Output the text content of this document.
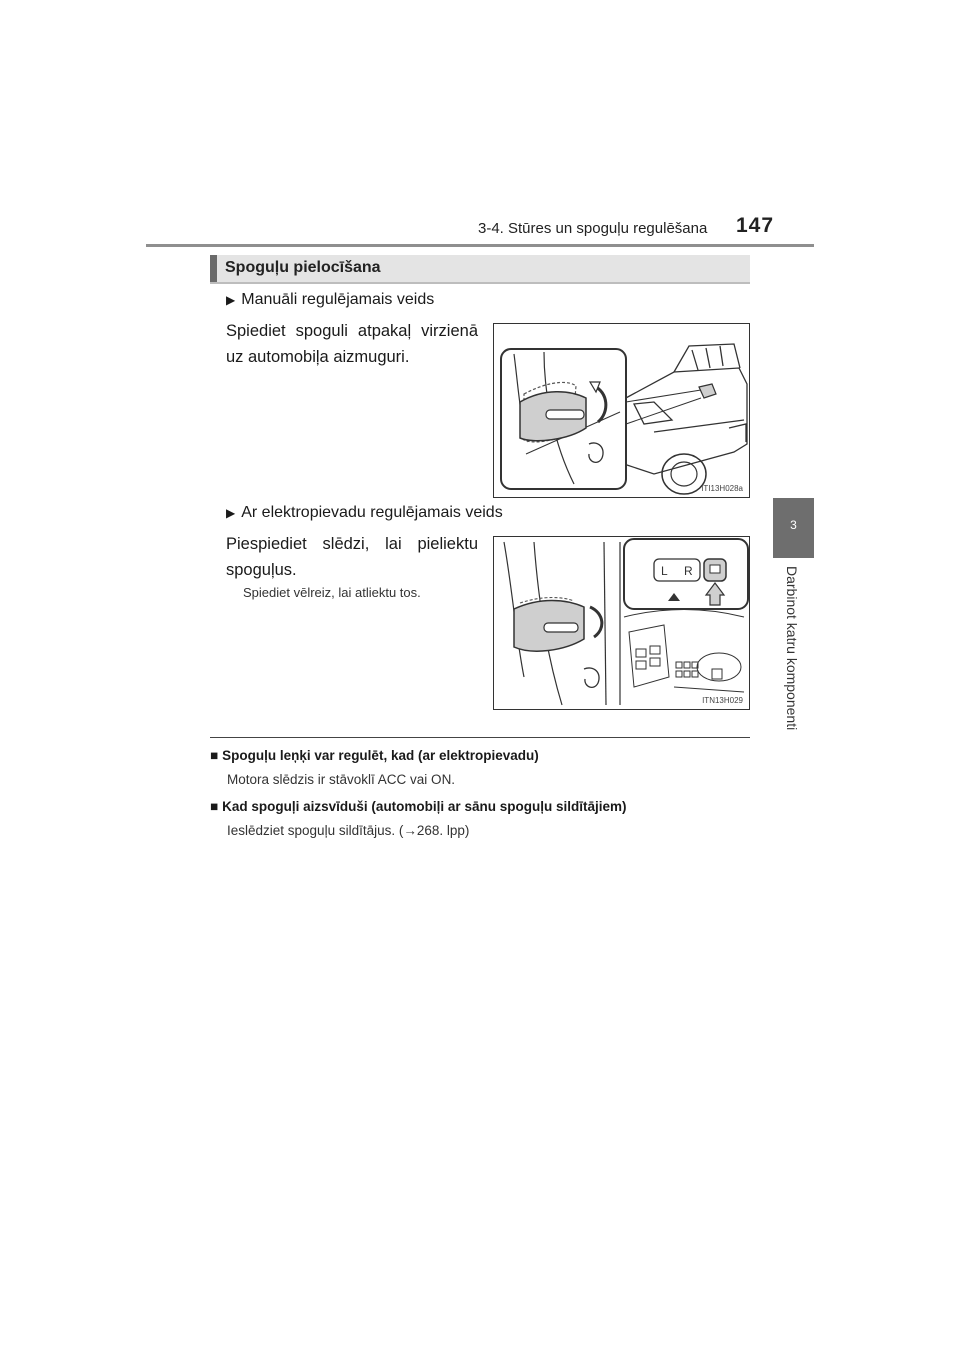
3-4. Stūres un spoguļu regulēšana 147
3
Darbinot katru komponenti
Spoguļu pielocīšana
▶ Manuāli regulējamais veids
Spiediet spoguli atpakaļ virzienā uz automobiļa aizmuguri.
ITI13H028a
▶ Ar elektropievadu regulējamais veids
Piespiediet slēdzi, lai pieliektu spoguļus.
Spiediet vēlreiz, lai atliektu tos.
L R
ITN13H029
■ Spoguļu leņķi var regulēt, kad (ar elektropievadu)
Motora slēdzis ir stāvoklī ACC vai ON.
■ Kad spoguļi aizsvīduši (automobiļi ar sānu spoguļu sildītājiem)
Ieslēdziet spoguļu sildītājus. (→268. lpp)
